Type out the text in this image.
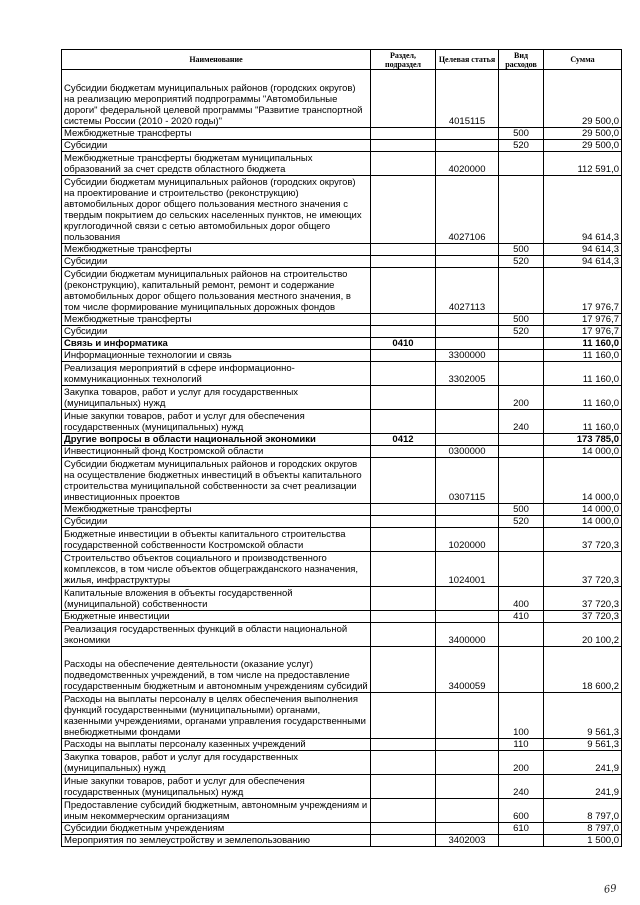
Наименование	Раздел, подраздел	Целевая статья	Вид расходов	Сумма
Субсидии бюджетам муниципальных районов (городских округов) на реализацию мероприятий подпрограммы "Автомобильные дороги" федеральной целевой программы "Развитие транспортной системы России (2010 - 2020 годы)"		4015115		29 500,0
Межбюджетные трансферты			500	29 500,0
Субсидии			520	29 500,0
Межбюджетные трансферты бюджетам муниципальных образований за счет средств областного бюджета		4020000		112 591,0
Субсидии бюджетам муниципальных районов (городских округов) на проектирование и строительство (реконструкцию) автомобильных дорог общего пользования местного значения с твердым покрытием до сельских населенных пунктов, не имеющих круглогодичной связи с сетью автомобильных дорог общего пользования		4027106		94 614,3
Межбюджетные трансферты			500	94 614,3
Субсидии			520	94 614,3
Субсидии бюджетам муниципальных районов на строительство (реконструкцию), капитальный ремонт, ремонт и содержание автомобильных дорог общего пользования местного значения, в том числе формирование муниципальных дорожных фондов		4027113		17 976,7
Межбюджетные трансферты			500	17 976,7
Субсидии			520	17 976,7
Связь и информатика	0410			11 160,0
Информационные технологии и связь		3300000		11 160,0
Реализация мероприятий в сфере информационно-коммуникационных технологий		3302005		11 160,0
Закупка товаров, работ и услуг для государственных (муниципальных) нужд			200	11 160,0
Иные закупки товаров, работ и услуг для обеспечения государственных (муниципальных) нужд			240	11 160,0
Другие вопросы в области национальной экономики	0412			173 785,0
Инвестиционный фонд Костромской области		0300000		14 000,0
Субсидии бюджетам муниципальных районов и городских округов на осуществление бюджетных инвестиций в объекты капитального строительства муниципальной собственности за счет реализации инвестиционных проектов		0307115		14 000,0
Межбюджетные трансферты			500	14 000,0
Субсидии			520	14 000,0
Бюджетные инвестиции в объекты капитального строительства государственной собственности Костромской области		1020000		37 720,3
Строительство объектов социального и производственного комплексов, в том числе объектов общегражданского назначения, жилья, инфраструктуры		1024001		37 720,3
Капитальные вложения в объекты государственной (муниципальной) собственности			400	37 720,3
Бюджетные инвестиции			410	37 720,3
Реализация государственных функций в области национальной экономики		3400000		20 100,2
Расходы на обеспечение деятельности (оказание услуг) подведомственных учреждений, в том числе на предоставление государственным бюджетным и автономным учреждениям субсидий		3400059		18 600,2
Расходы на выплаты персоналу в целях обеспечения выполнения функций государственными (муниципальными) органами, казенными учреждениями, органами управления государственными внебюджетными фондами			100	9 561,3
Расходы на выплаты персоналу казенных учреждений			110	9 561,3
Закупка товаров, работ и услуг для государственных (муниципальных) нужд			200	241,9
Иные закупки товаров, работ и услуг для обеспечения государственных (муниципальных) нужд			240	241,9
Предоставление субсидий бюджетным, автономным учреждениям и иным некоммерческим организациям			600	8 797,0
Субсидии бюджетным учреждениям			610	8 797,0
Мероприятия по землеустройству и землепользованию		3402003		1 500,0
69
